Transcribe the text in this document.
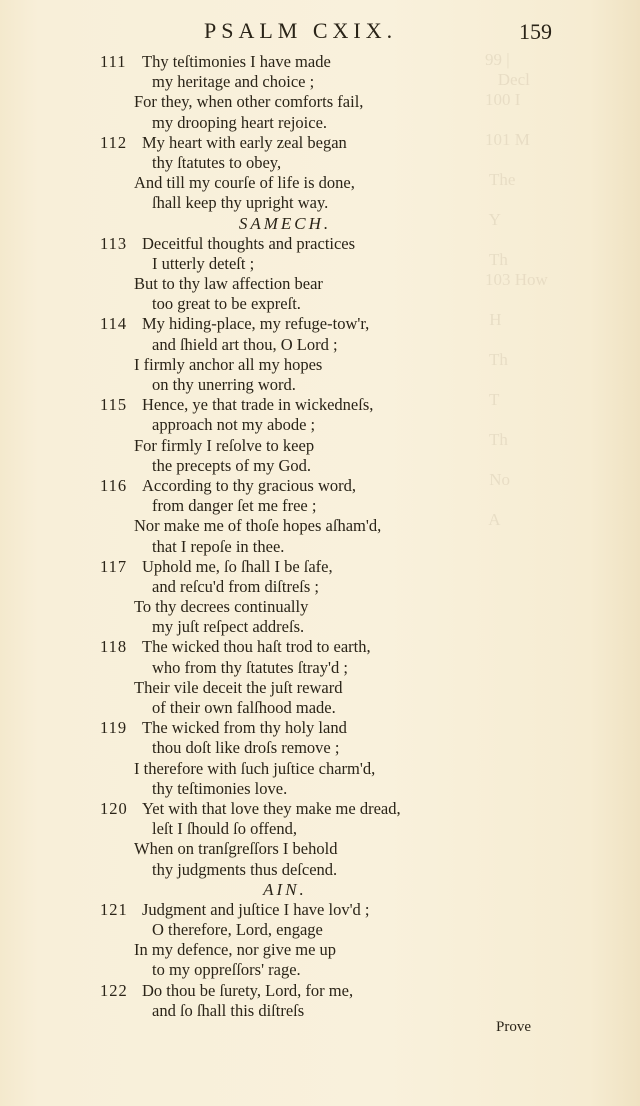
99 |
Decl
100 I

101 M

The

Y

Th
103 How

H

Th

T

Th

No

A

PSALM CXIX.	159
111 Thy teſtimonies I have made
my heritage and choice ;
For they, when other comforts fail,
my drooping heart rejoice.
112 My heart with early zeal began
thy ſtatutes to obey,
And till my courſe of life is done,
ſhall keep thy upright way.
SAMECH.
113 Deceitful thoughts and practices
I utterly deteſt ;
But to thy law affection bear
too great to be expreſt.
114 My hiding-place, my refuge-tow'r,
and ſhield art thou, O Lord ;
I firmly anchor all my hopes
on thy unerring word.
115 Hence, ye that trade in wickedneſs,
approach not my abode ;
For firmly I reſolve to keep
the precepts of my God.
116 According to thy gracious word,
from danger ſet me free ;
Nor make me of thoſe hopes aſham'd,
that I repoſe in thee.
117 Uphold me, ſo ſhall I be ſafe,
and reſcu'd from diſtreſs ;
To thy decrees continually
my juſt reſpect addreſs.
118 The wicked thou haſt trod to earth,
who from thy ſtatutes ſtray'd ;
Their vile deceit the juſt reward
of their own falſhood made.
119 The wicked from thy holy land
thou doſt like droſs remove ;
I therefore with ſuch juſtice charm'd,
thy teſtimonies love.
120 Yet with that love they make me dread,
leſt I ſhould ſo offend,
When on tranſgreſſors I behold
thy judgments thus deſcend.
AIN.
121 Judgment and juſtice I have lov'd ;
O therefore, Lord, engage
In my defence, nor give me up
to my oppreſſors' rage.
122 Do thou be ſurety, Lord, for me,
and ſo ſhall this diſtreſs
Prove
